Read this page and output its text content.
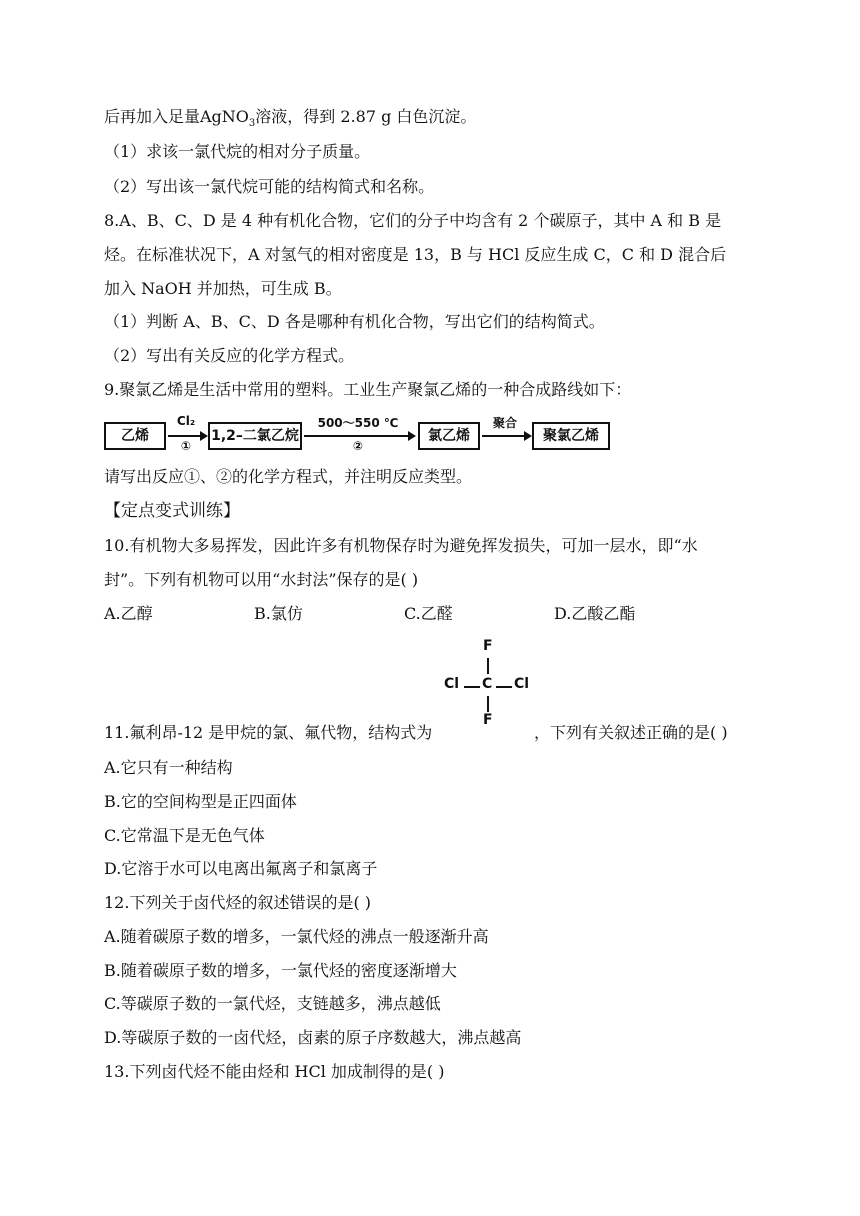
后再加入足量AgNO$_3$溶液，得到 2.87 g 白色沉淀。
（1）求该一氯代烷的相对分子质量。
（2）写出该一氯代烷可能的结构简式和名称。
8.A、B、C、D 是 4 种有机化合物，它们的分子中均含有 2 个碳原子，其中 A 和 B 是
烃。在标准状况下，A 对氢气的相对密度是 13，B 与 HCl 反应生成 C，C 和 D 混合后
加入 NaOH 并加热，可生成 B。
（1）判断 A、B、C、D 各是哪种有机化合物，写出它们的结构简式。
（2）写出有关反应的化学方程式。
9.聚氯乙烯是生活中常用的塑料。工业生产聚氯乙烯的一种合成路线如下：
乙烯
Cl₂
①
1,2–二氯乙烷
500～550 ℃
②
氯乙烯
聚合
聚氯乙烯
请写出反应①、②的化学方程式，并注明反应类型。
【定点变式训练】
10.有机物大多易挥发，因此许多有机物保存时为避免挥发损失，可加一层水，即“水
封”。下列有机物可以用“水封法”保存的是( )
A.乙醇	B.氯仿	C.乙醛	D.乙酸乙酯
F
Cl C Cl
F
11.氟利昂-12 是甲烷的氯、氟代物，结构式为	，下列有关叙述正确的是( )
A.它只有一种结构
B.它的空间构型是正四面体
C.它常温下是无色气体
D.它溶于水可以电离出氟离子和氯离子
12.下列关于卤代烃的叙述错误的是( )
A.随着碳原子数的增多，一氯代烃的沸点一般逐渐升高
B.随着碳原子数的增多，一氯代烃的密度逐渐增大
C.等碳原子数的一氯代烃，支链越多，沸点越低
D.等碳原子数的一卤代烃，卤素的原子序数越大，沸点越高
13.下列卤代烃不能由烃和 HCl 加成制得的是( )
